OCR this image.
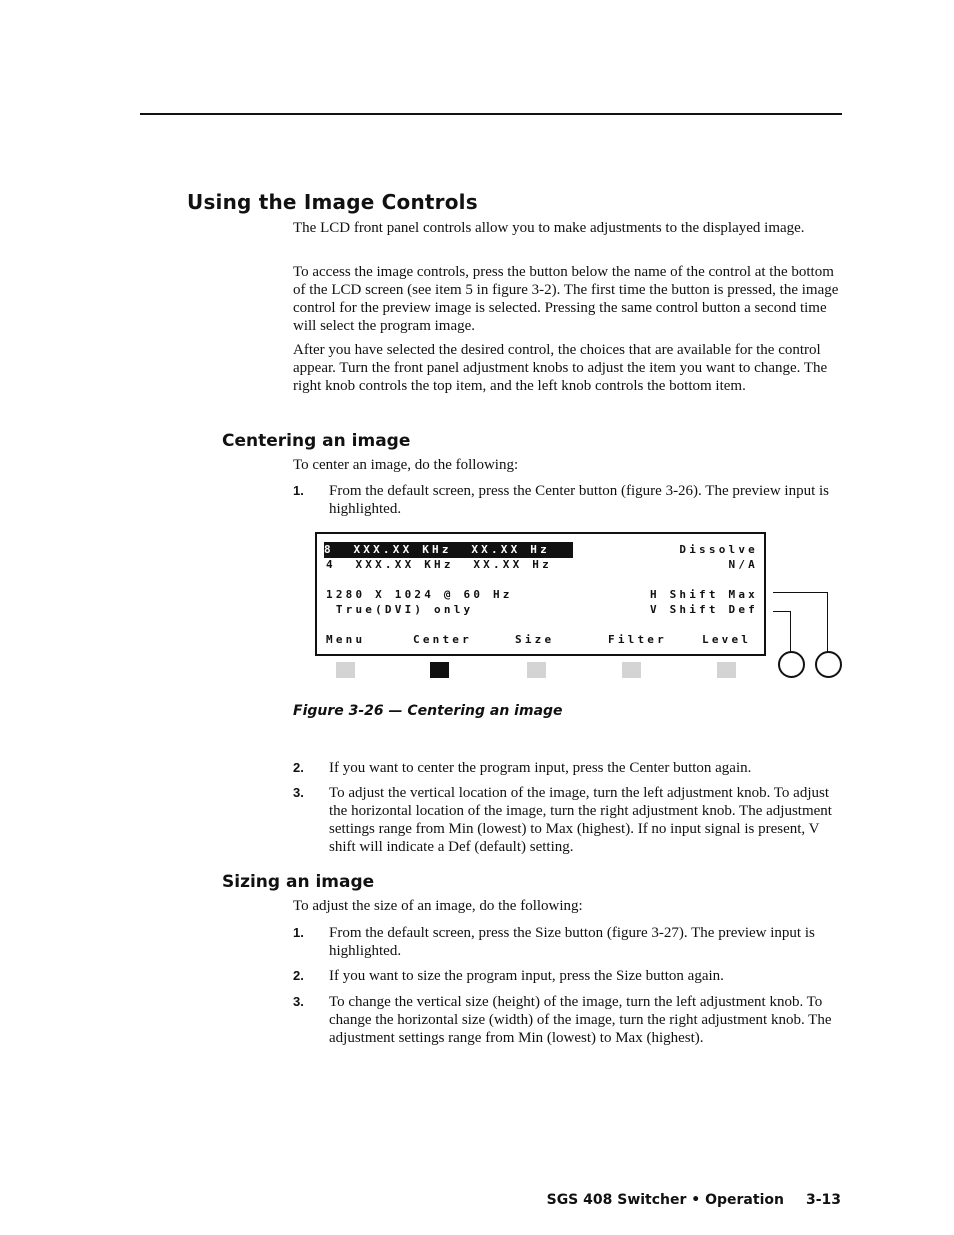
Using the Image Controls

The LCD front panel controls allow you to make adjustments to the displayed image.

To access the image controls, press the button below the name of the control at the bottom of the LCD screen (see item 5 in figure 3-2). The first time the button is pressed, the image control for the preview image is selected. Pressing the same control button a second time will select the program image.

After you have selected the desired control, the choices that are available for the control appear. Turn the front panel adjustment knobs to adjust the item you want to change. The right knob controls the top item, and the left knob controls the bottom item.

Centering an image

To center an image, do the following:

1. From the default screen, press the Center button (figure 3-26). The preview input is highlighted.
8  XXX.XX KHz  XX.XX Hz	Dissolve
4  XXX.XX KHz  XX.XX Hz	N/A
1280 X 1024 @ 60 Hz	H Shift Max
True(DVI) only	V Shift Def
Menu	Center	Size	Filter	Level
Figure 3-26 — Centering an image
2. If you want to center the program input, press the Center button again.
3. To adjust the vertical location of the image, turn the left adjustment knob. To adjust the horizontal location of the image, turn the right adjustment knob. The adjustment settings range from Min (lowest) to Max (highest). If no input signal is present, V shift will indicate a Def (default) setting.
Sizing an image

To adjust the size of an image, do the following:

1. From the default screen, press the Size button (figure 3-27). The preview input is highlighted.
2. If you want to size the program input, press the Size button again.
3. To change the vertical size (height) of the image, turn the left adjustment knob. To change the horizontal size (width) of the image, turn the right adjustment knob. The adjustment settings range from Min (lowest) to Max (highest).
SGS 408 Switcher • Operation 3-13
